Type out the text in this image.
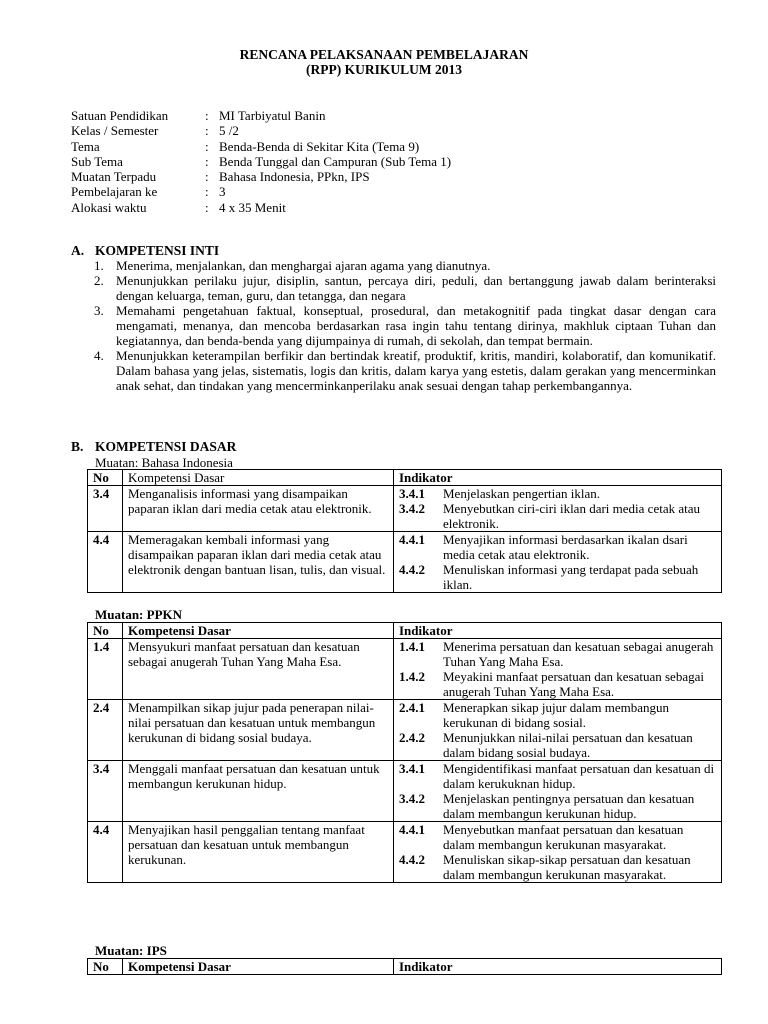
RENCANA PELAKSANAAN PEMBELAJARAN
(RPP) KURIKULUM 2013
Satuan Pendidikan	: MI Tarbiyatul Banin
Kelas / Semester	: 5 /2
Tema	: Benda-Benda di Sekitar Kita (Tema 9)
Sub Tema	: Benda Tunggal dan Campuran (Sub Tema 1)
Muatan Terpadu	: Bahasa Indonesia, PPkn, IPS
Pembelajaran ke	: 3
Alokasi waktu	: 4 x 35 Menit
A. KOMPETENSI INTI
1. Menerima, menjalankan, dan menghargai ajaran agama yang dianutnya.
2. Menunjukkan perilaku jujur, disiplin, santun, percaya diri, peduli, dan bertanggung jawab dalam berinteraksi dengan keluarga, teman, guru, dan tetangga, dan negara
3. Memahami pengetahuan faktual, konseptual, prosedural, dan metakognitif pada tingkat dasar dengan cara mengamati, menanya, dan mencoba berdasarkan rasa ingin tahu tentang dirinya, makhluk ciptaan Tuhan dan kegiatannya, dan benda-benda yang dijumpainya di rumah, di sekolah, dan tempat bermain.
4. Menunjukkan keterampilan berfikir dan bertindak kreatif, produktif, kritis, mandiri, kolaboratif, dan komunikatif. Dalam bahasa yang jelas, sistematis, logis dan kritis, dalam karya yang estetis, dalam gerakan yang mencerminkan anak sehat, dan tindakan yang mencerminkanperilaku anak sesuai dengan tahap perkembangannya.
B. KOMPETENSI DASAR
Muatan: Bahasa Indonesia
No	Kompetensi Dasar	Indikator
3.4	Menganalisis informasi yang disampaikan paparan iklan dari media cetak atau elektronik.	3.4.1 Menjelaskan pengertian iklan.
3.4.2 Menyebutkan ciri-ciri iklan dari media cetak atau elektronik.

4.4	Memeragakan kembali informasi yang disampaikan paparan iklan dari media cetak atau elektronik dengan bantuan lisan, tulis, dan visual.	4.4.1 Menyajikan informasi berdasarkan ikalan dsari media cetak atau elektronik.
4.4.2 Menuliskan informasi yang terdapat pada sebuah iklan.
Muatan: PPKN
No	Kompetensi Dasar	Indikator
1.4	Mensyukuri manfaat persatuan dan kesatuan sebagai anugerah Tuhan Yang Maha Esa.	1.4.1 Menerima persatuan dan kesatuan sebagai anugerah Tuhan Yang Maha Esa.
1.4.2 Meyakini manfaat persatuan dan kesatuan sebagai anugerah Tuhan Yang Maha Esa.

2.4	Menampilkan sikap jujur pada penerapan nilai-nilai persatuan dan kesatuan untuk membangun kerukunan di bidang sosial budaya.	2.4.1 Menerapkan sikap jujur dalam membangun kerukunan di bidang sosial.
2.4.2 Menunjukkan nilai-nilai persatuan dan kesatuan dalam bidang sosial budaya.

3.4	Menggali manfaat persatuan dan kesatuan untuk membangun kerukunan hidup.	3.4.1 Mengidentifikasi manfaat persatuan dan kesatuan di dalam kerukuknan hidup.
3.4.2 Menjelaskan pentingnya persatuan dan kesatuan dalam membangun kerukunan hidup.

4.4	Menyajikan hasil penggalian tentang manfaat persatuan dan kesatuan untuk membangun kerukunan.	4.4.1 Menyebutkan manfaat persatuan dan kesatuan dalam membangun kerukunan masyarakat.
4.4.2 Menuliskan sikap-sikap persatuan dan kesatuan dalam membangun kerukunan masyarakat.
Muatan: IPS
No	Kompetensi Dasar	Indikator
